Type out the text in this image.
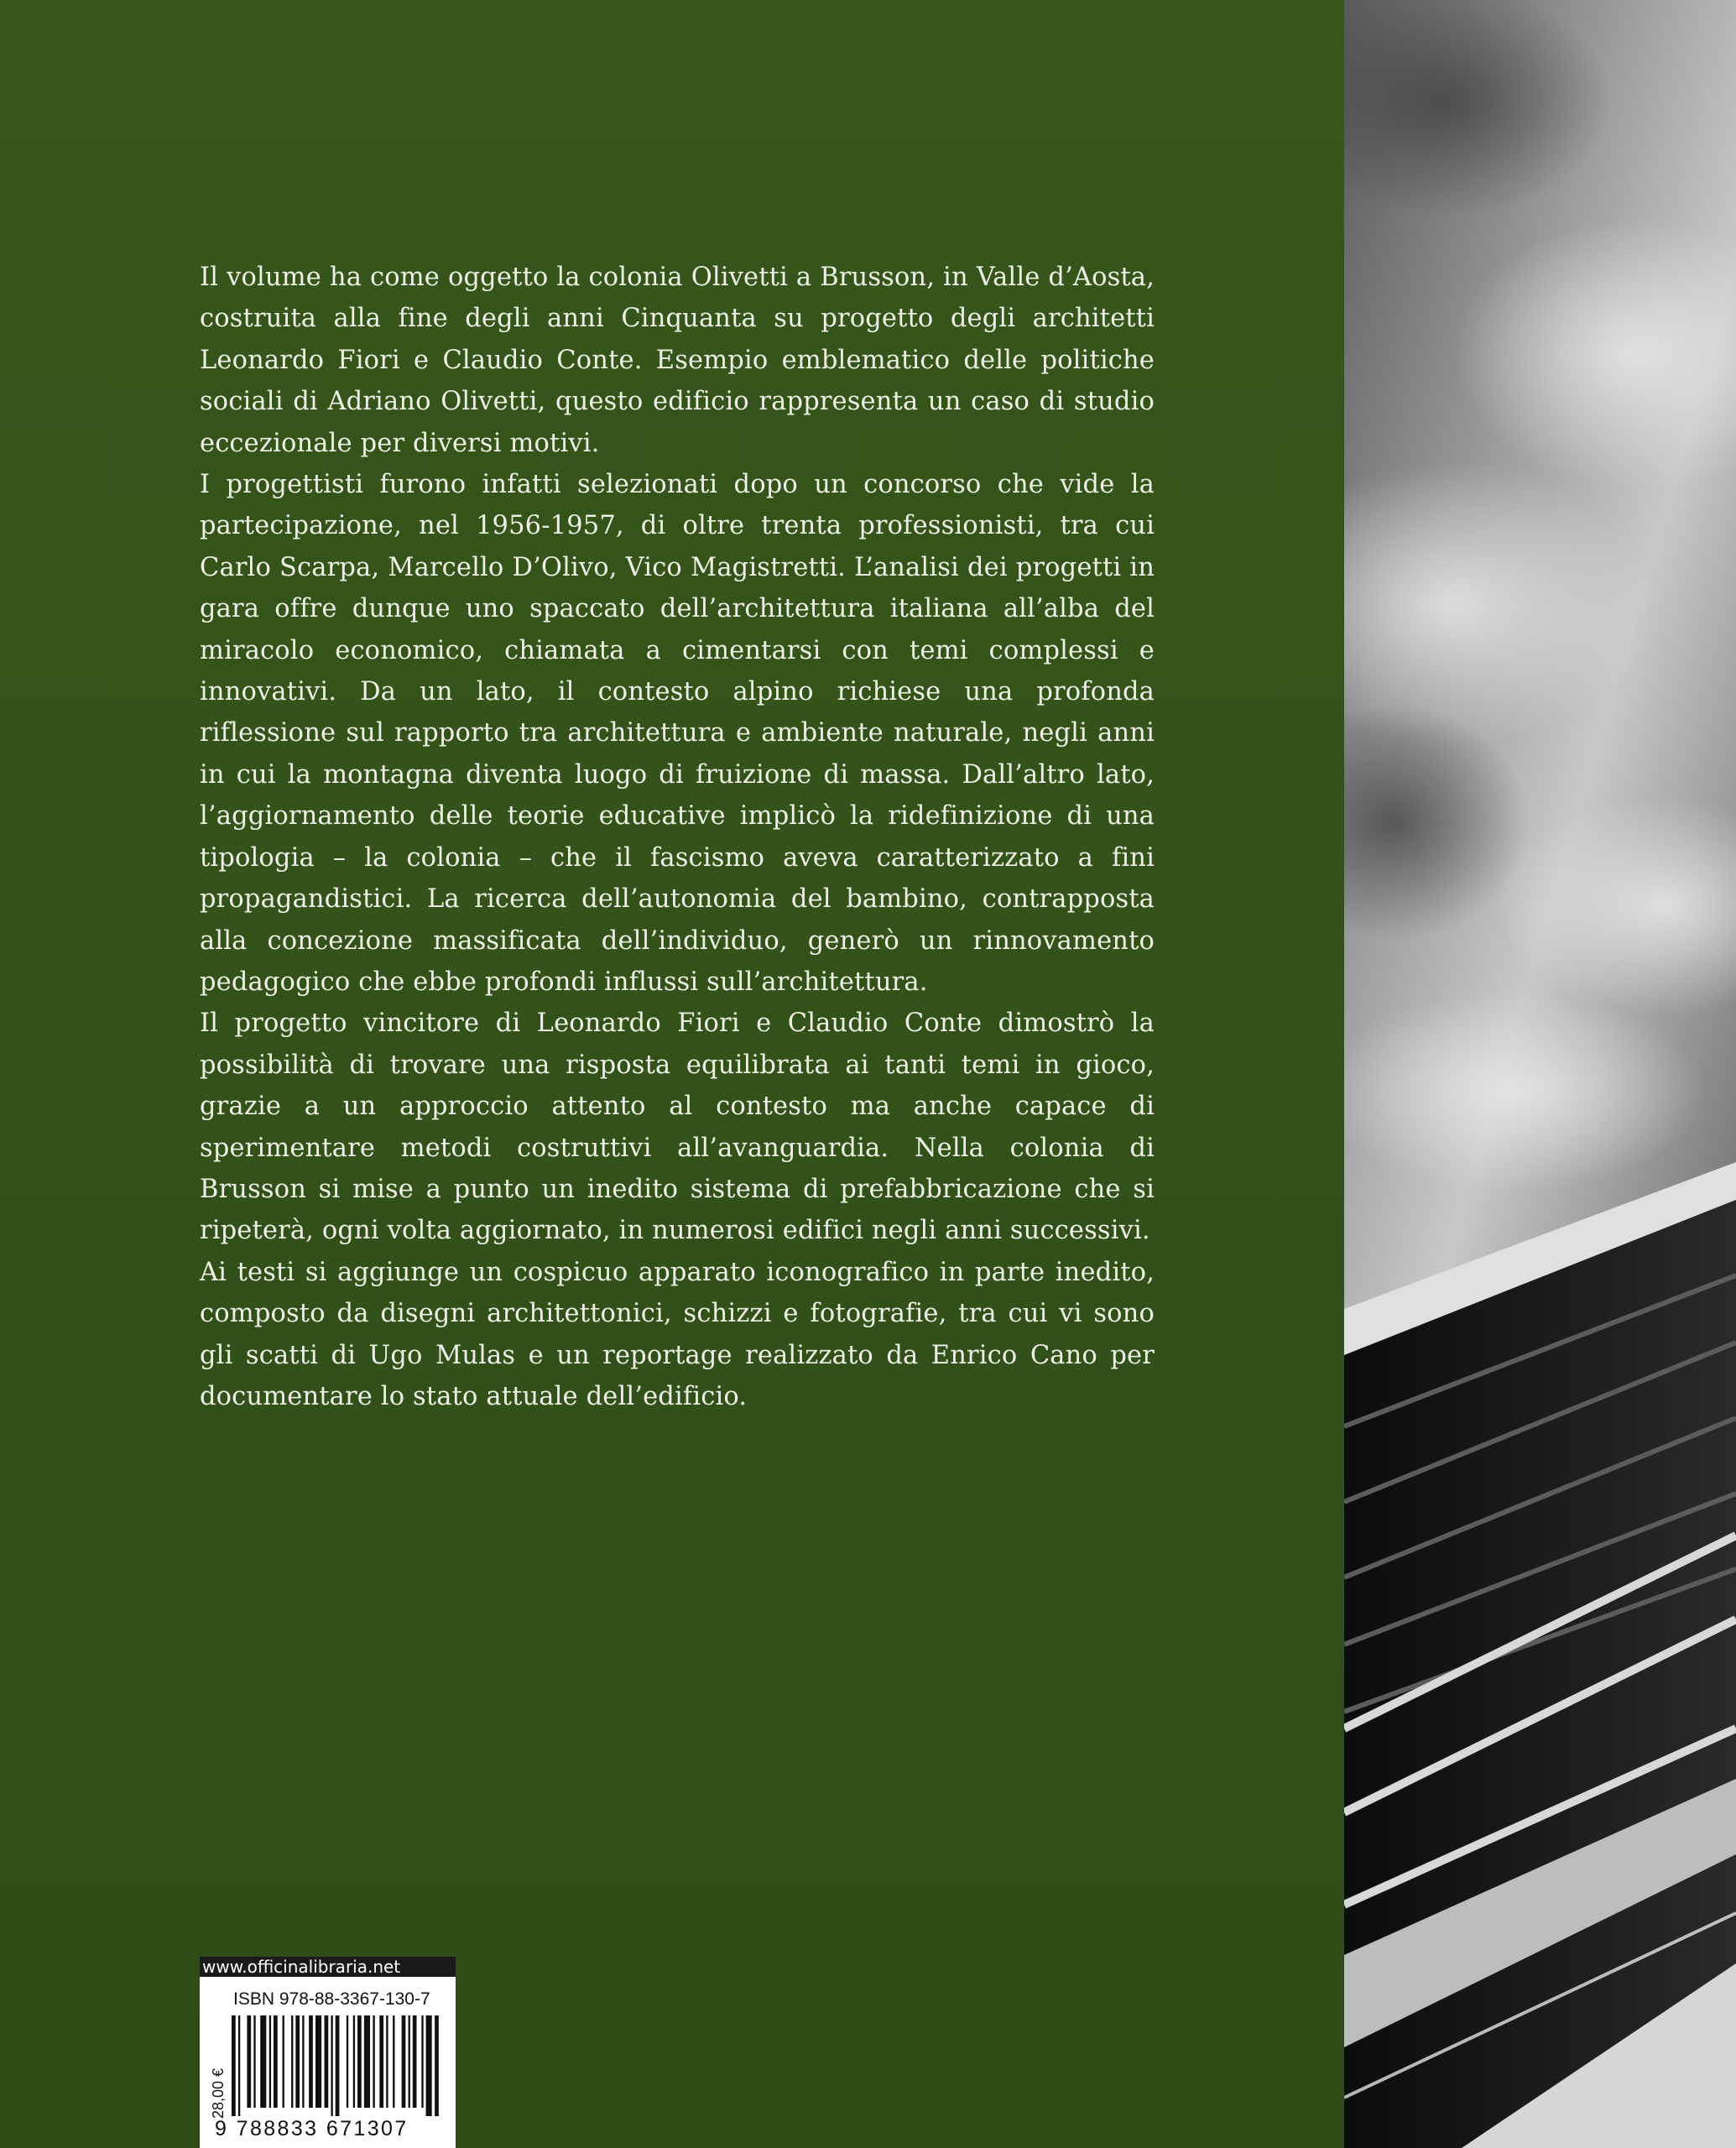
Il volume ha come oggetto la colonia Olivetti a Brusson, in Valle d’Aosta, costruita alla fine degli anni Cinquanta su progetto degli architetti Leonardo Fiori e Claudio Conte. Esempio emblematico delle politiche sociali di Adriano Olivetti, questo edificio rappresenta un caso di studio eccezionale per diversi motivi.

I progettisti furono infatti selezionati dopo un concorso che vide la partecipazione, nel 1956-1957, di oltre trenta professionisti, tra cui Carlo Scarpa, Marcello D’Olivo, Vico Magistretti. L’analisi dei progetti in gara offre dunque uno spaccato dell’architettura italiana all’alba del miracolo economico, chiamata a cimentarsi con temi complessi e innovativi. Da un lato, il contesto alpino richiese una profonda riflessione sul rapporto tra architettura e ambiente naturale, negli anni in cui la montagna diventa luogo di fruizione di massa. Dall’altro lato, l’aggiornamento delle teorie educative implicò la ridefinizione di una tipologia – la colonia – che il fascismo aveva caratterizzato a fini propagandistici. La ricerca dell’autonomia del bambino, contrapposta alla concezione massificata dell’individuo, generò un rinnovamento pedagogico che ebbe profondi influssi sull’architettura.

Il progetto vincitore di Leonardo Fiori e Claudio Conte dimostrò la possibilità di trovare una risposta equilibrata ai tanti temi in gioco, grazie a un approccio attento al contesto ma anche capace di sperimentare metodi costruttivi all’avanguardia. Nella colonia di Brusson si mise a punto un inedito sistema di prefabbricazione che si ripeterà, ogni volta aggiornato, in numerosi edifici negli anni successivi.

Ai testi si aggiunge un cospicuo apparato iconografico in parte inedito, composto da disegni architettonici, schizzi e fotografie, tra cui vi sono gli scatti di Ugo Mulas e un reportage realizzato da Enrico Cano per documentare lo stato attuale dell’edificio.

www.officinalibraria.net
ISBN 978-88-3367-130-7
28,00 €
9 788833 671307
